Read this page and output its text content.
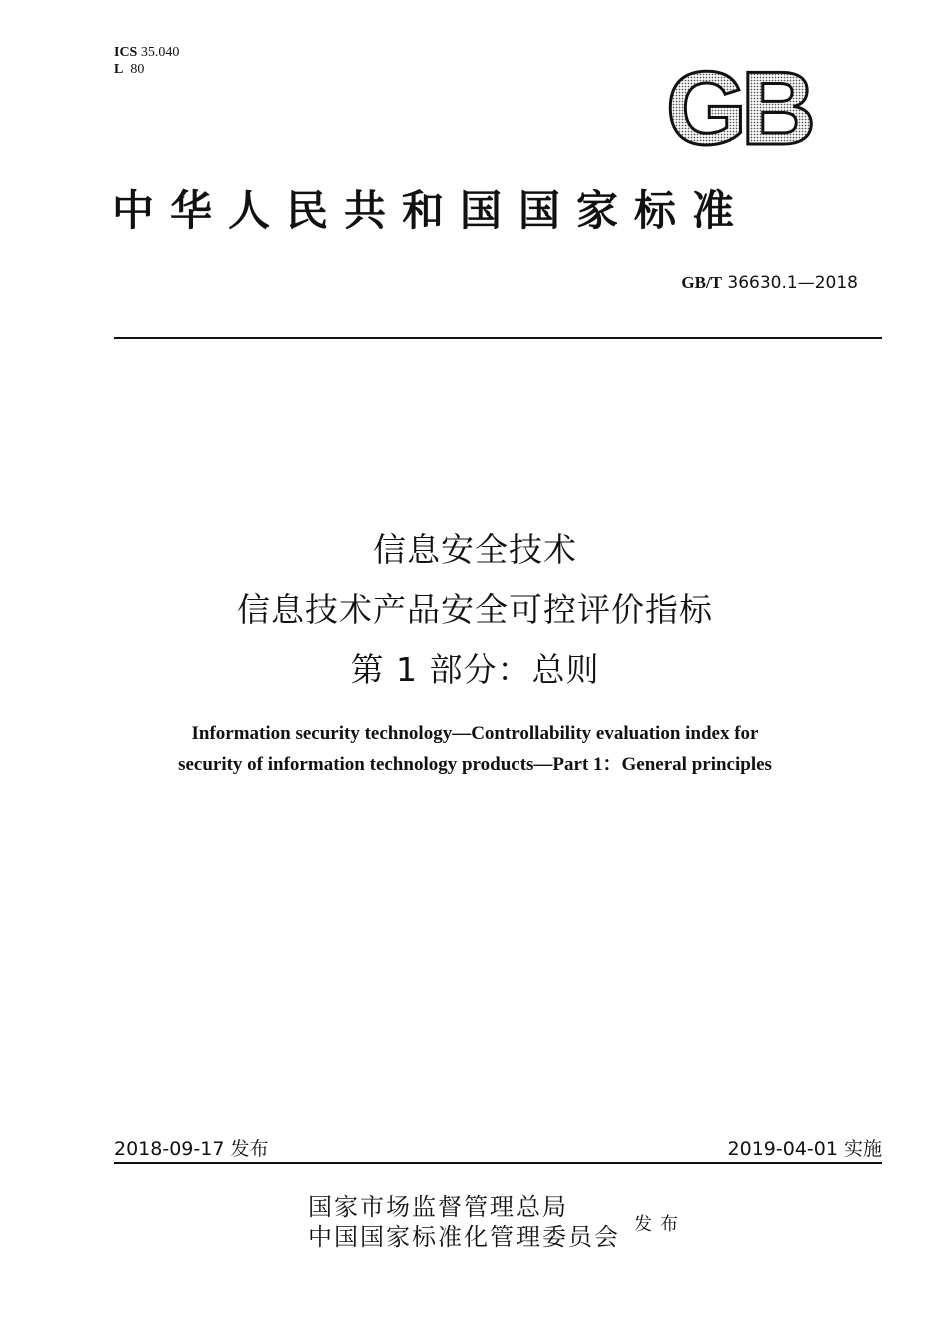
ICS 35.040
L 80	GB
中华人民共和国国家标准
GB/T 36630.1—2018
信息安全技术
信息技术产品安全可控评价指标
第 1 部分：总则
Information security technology—Controllability evaluation index for
security of information technology products—Part 1：General principles
2018-09-17 发布	2019-04-01 实施
国家市场监督管理总局
中国国家标准化管理委员会 发布
